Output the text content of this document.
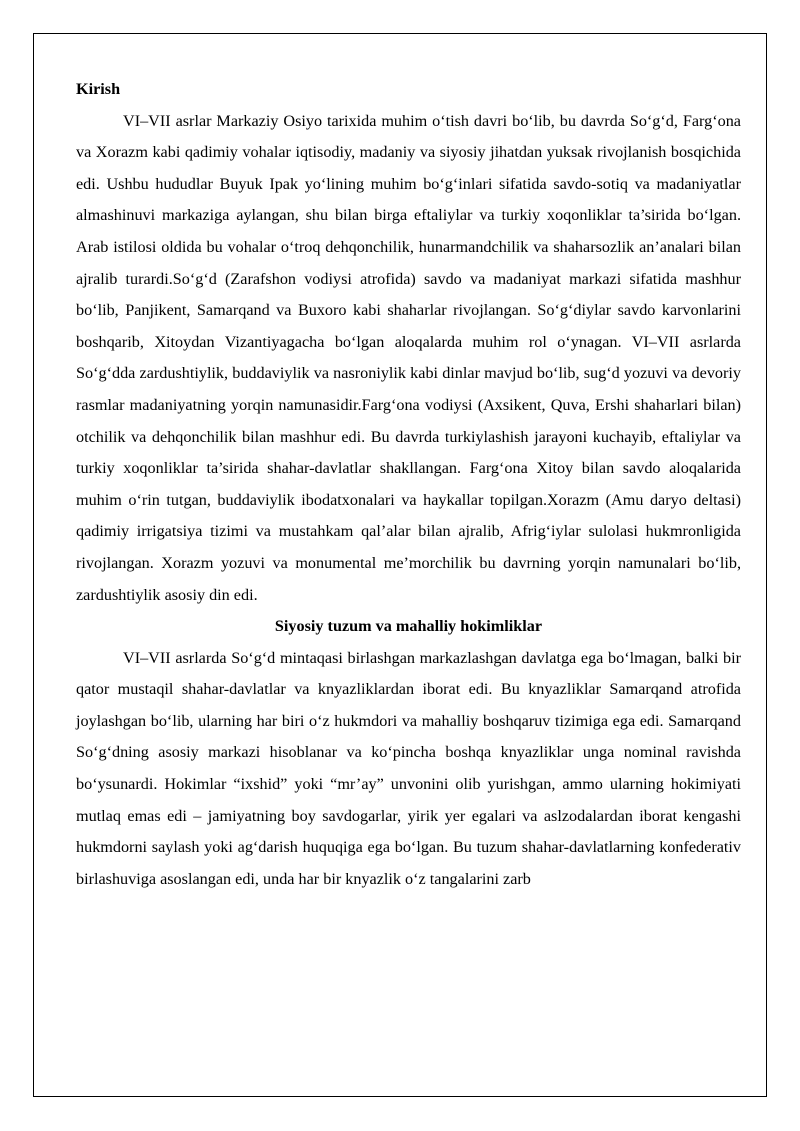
Kirish

VI–VII asrlar Markaziy Osiyo tarixida muhim o‘tish davri bo‘lib, bu davrda So‘g‘d, Farg‘ona va Xorazm kabi qadimiy vohalar iqtisodiy, madaniy va siyosiy jihatdan yuksak rivojlanish bosqichida edi. Ushbu hududlar Buyuk Ipak yo‘lining muhim bo‘g‘inlari sifatida savdo-sotiq va madaniyatlar almashinuvi markaziga aylangan, shu bilan birga eftaliylar va turkiy xoqonliklar ta’sirida bo‘lgan. Arab istilosi oldida bu vohalar o‘troq dehqonchilik, hunarmandchilik va shaharsozlik an’analari bilan ajralib turardi.So‘g‘d (Zarafshon vodiysi atrofida) savdo va madaniyat markazi sifatida mashhur bo‘lib, Panjikent, Samarqand va Buxoro kabi shaharlar rivojlangan. So‘g‘diylar savdo karvonlarini boshqarib, Xitoydan Vizantiyagacha bo‘lgan aloqalarda muhim rol o‘ynagan. VI–VII asrlarda So‘g‘dda zardushtiylik, buddaviylik va nasroniylik kabi dinlar mavjud bo‘lib, sug‘d yozuvi va devoriy rasmlar madaniyatning yorqin namunasidir.Farg‘ona vodiysi (Axsikent, Quva, Ershi shaharlari bilan) otchilik va dehqonchilik bilan mashhur edi. Bu davrda turkiylashish jarayoni kuchayib, eftaliylar va turkiy xoqonliklar ta’sirida shahar-davlatlar shakllangan. Farg‘ona Xitoy bilan savdo aloqalarida muhim o‘rin tutgan, buddaviylik ibodatxonalari va haykallar topilgan.Xorazm (Amu daryo deltasi) qadimiy irrigatsiya tizimi va mustahkam qal’alar bilan ajralib, Afrig‘iylar sulolasi hukmronligida rivojlangan. Xorazm yozuvi va monumental me’morchilik bu davrning yorqin namunalari bo‘lib, zardushtiylik asosiy din edi.

Siyosiy tuzum va mahalliy hokimliklar

VI–VII asrlarda So‘g‘d mintaqasi birlashgan markazlashgan davlatga ega bo‘lmagan, balki bir qator mustaqil shahar-davlatlar va knyazliklardan iborat edi. Bu knyazliklar Samarqand atrofida joylashgan bo‘lib, ularning har biri o‘z hukmdori va mahalliy boshqaruv tizimiga ega edi. Samarqand So‘g‘dning asosiy markazi hisoblanar va ko‘pincha boshqa knyazliklar unga nominal ravishda bo‘ysunardi. Hokimlar “ixshid” yoki “mr’ay” unvonini olib yurishgan, ammo ularning hokimiyati mutlaq emas edi – jamiyatning boy savdogarlar, yirik yer egalari va aslzodalardan iborat kengashi hukmdorni saylash yoki ag‘darish huquqiga ega bo‘lgan. Bu tuzum shahar-davlatlarning konfederativ birlashuviga asoslangan edi, unda har bir knyazlik o‘z tangalarini zarb
